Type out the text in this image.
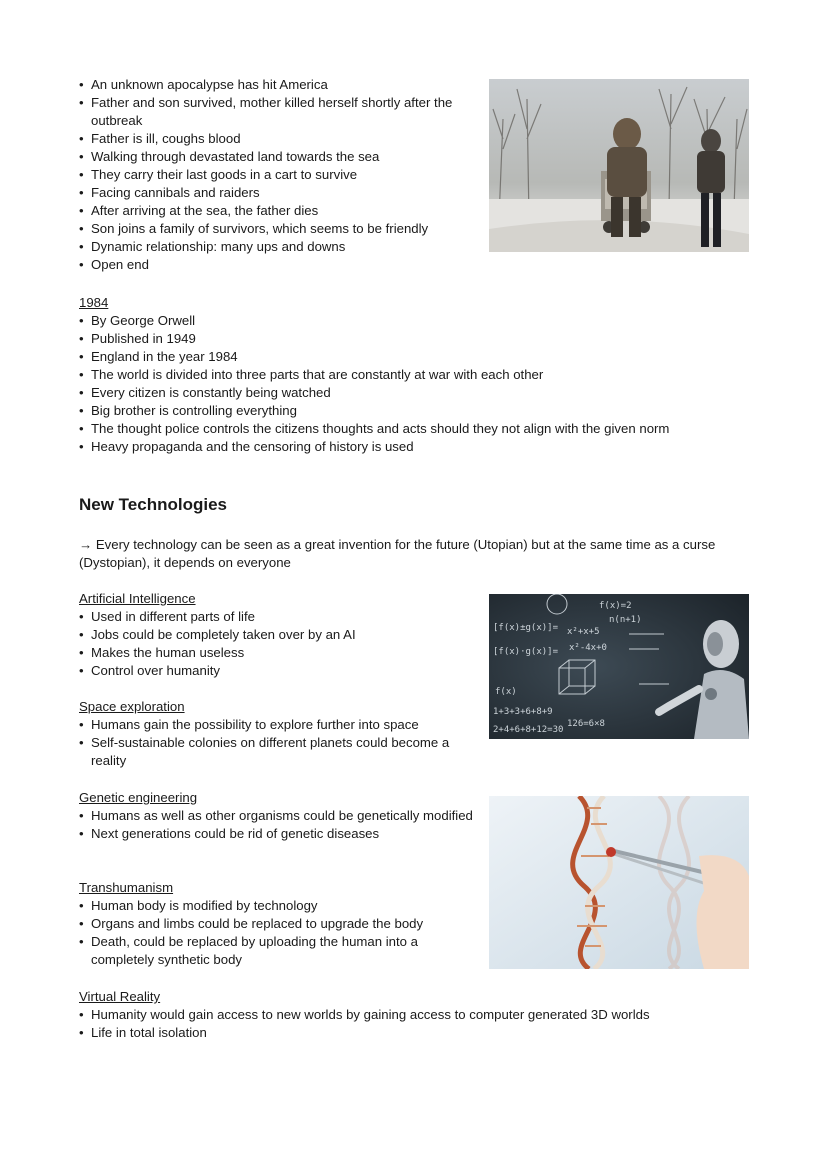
• An unknown apocalypse has hit America
• Father and son survived, mother killed herself shortly after the outbreak
• Father is ill, coughs blood
• Walking through devastated land towards the sea
• They carry their last goods in a cart to survive
• Facing cannibals and raiders
• After arriving at the sea, the father dies
• Son joins a family of survivors, which seems to be friendly
• Dynamic relationship: many ups and downs
• Open end
1984
• By George Orwell
• Published in 1949
• England in the year 1984
• The world is divided into three parts that are constantly at war with each other
• Every citizen is constantly being watched
• Big brother is controlling everything
• The thought police controls the citizens thoughts and acts should they not align with the given norm
• Heavy propaganda and the censoring of history is used
New Technologies
→ Every technology can be seen as a great invention for the future (Utopian) but at the same time as a curse (Dystopian), it depends on everyone
Artificial Intelligence
• Used in different parts of life
• Jobs could be completely taken over by an AI
• Makes the human useless
• Control over humanity
Space exploration
• Humans gain the possibility to explore further into space
• Self-sustainable colonies on different planets could become a reality
[f(x)±g(x)]=
[f(x)·g(x)]=
x²+x+5
x²-4x+0
f(x)
1+3+3+6+8+9
2+4+6+8+12=30
126=6×8
f(x)=2
n(n+1)
Genetic engineering
• Humans as well as other organisms could be genetically modified
• Next generations could be rid of genetic diseases
Transhumanism
• Human body is modified by technology
• Organs and limbs could be replaced to upgrade the body
• Death, could be replaced by uploading the human into a completely synthetic body
Virtual Reality
• Humanity would gain access to new worlds by gaining access to computer generated 3D worlds
• Life in total isolation
